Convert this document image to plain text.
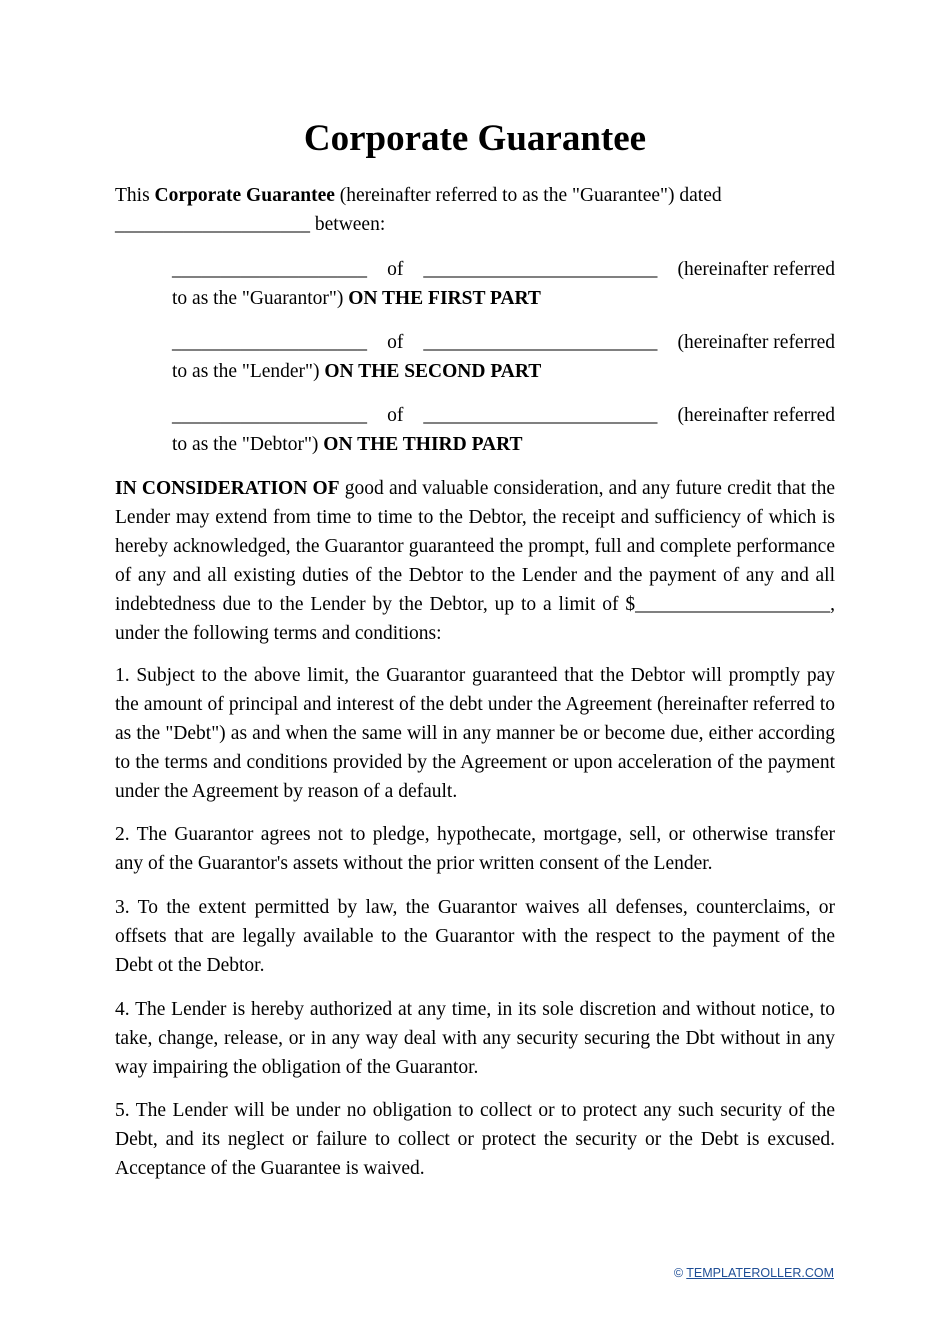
Corporate Guarantee

This Corporate Guarantee (hereinafter referred to as the "Guarantee") dated
____________________ between:

____________________ of ________________________ (hereinafter referred
to as the "Guarantor") ON THE FIRST PART
____________________ of ________________________ (hereinafter referred
to as the "Lender") ON THE SECOND PART
____________________ of ________________________ (hereinafter referred
to as the "Debtor") ON THE THIRD PART

IN CONSIDERATION OF good and valuable consideration, and any future credit that the Lender may extend from time to time to the Debtor, the receipt and sufficiency of which is hereby acknowledged, the Guarantor guaranteed the prompt, full and complete performance of any and all existing duties of the Debtor to the Lender and the payment of any and all indebtedness due to the Lender by the Debtor, up to a limit of $____________________, under the following terms and conditions:

1. Subject to the above limit, the Guarantor guaranteed that the Debtor will promptly pay the amount of principal and interest of the debt under the Agreement (hereinafter referred to as the "Debt") as and when the same will in any manner be or become due, either according to the terms and conditions provided by the Agreement or upon acceleration of the payment under the Agreement by reason of a default.

2. The Guarantor agrees not to pledge, hypothecate, mortgage, sell, or otherwise transfer any of the Guarantor's assets without the prior written consent of the Lender.

3. To the extent permitted by law, the Guarantor waives all defenses, counterclaims, or offsets that are legally available to the Guarantor with the respect to the payment of the Debt ot the Debtor.

4. The Lender is hereby authorized at any time, in its sole discretion and without notice, to take, change, release, or in any way deal with any security securing the Dbt without in any way impairing the obligation of the Guarantor.

5. The Lender will be under no obligation to collect or to protect any such security of the Debt, and its neglect or failure to collect or protect the security or the Debt is excused. Acceptance of the Guarantee is waived.

© TEMPLATEROLLER.COM
